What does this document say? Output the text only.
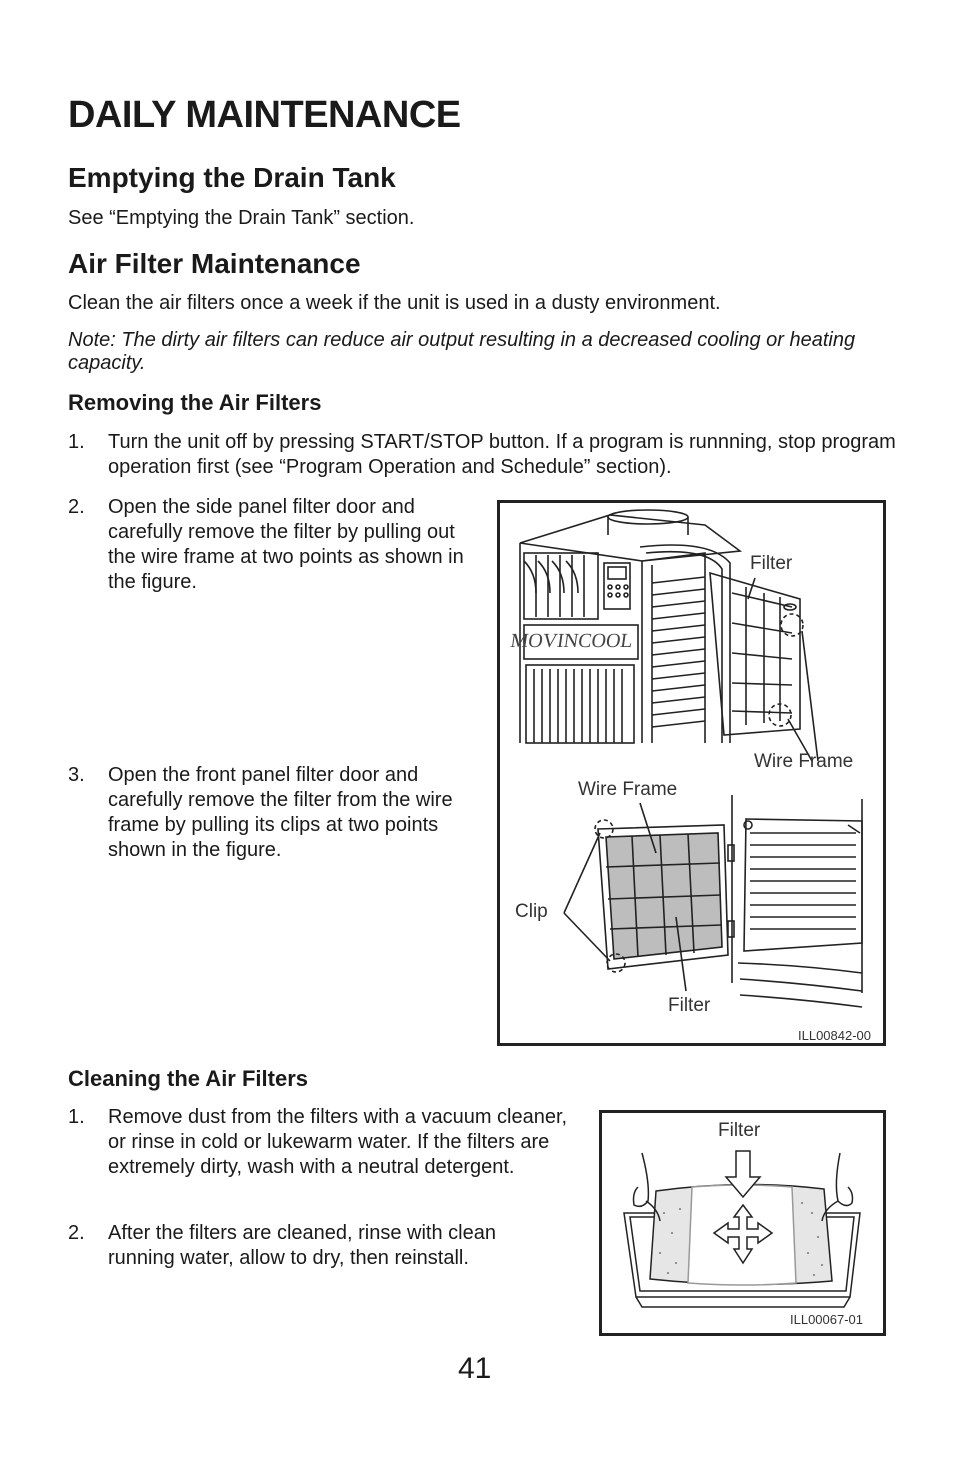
DAILY MAINTENANCE
Emptying the Drain Tank

See “Emptying the Drain Tank” section.

Air Filter Maintenance

Clean the air filters once a week if the unit is used in a dusty environment.

Note: The dirty air filters can reduce air output resulting in a decreased cooling or heating capacity.

Removing the Air Filters
1. Turn the unit off by pressing START/STOP button. If a program is runnning, stop program operation first (see “Program Operation and Schedule” section).
2. Open the side panel filter door and carefully remove the filter by pulling out the wire frame at two points as shown in the figure.
3. Open the front panel filter door and carefully remove the filter from the wire frame by pulling its clips at two points shown in the figure.
MOVINCOOL
Filter
Wire Frame
Wire Frame
Clip
Filter
ILL00842-00
Cleaning the Air Filters
1. Remove dust from the filters with a vacuum cleaner, or rinse in cold or lukewarm water. If the filters are extremely dirty, wash with a neutral detergent.
2. After the filters are cleaned, rinse with clean running water, allow to dry, then reinstall.
Filter
ILL00067-01
41
